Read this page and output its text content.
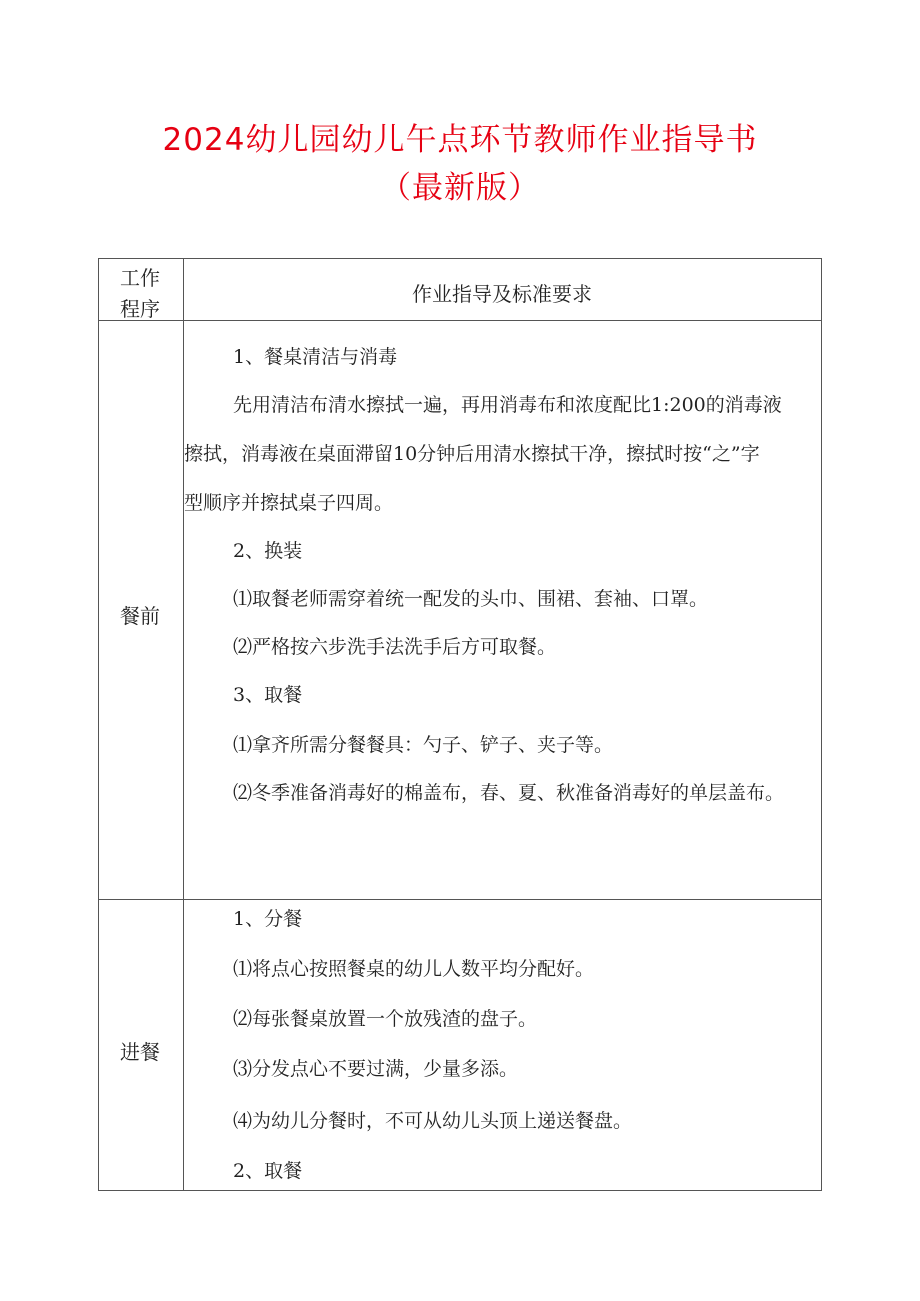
2024幼儿园幼儿午点环节教师作业指导书
（最新版）
工作
程序
作业指导及标准要求
餐前
1、餐桌清洁与消毒
先用清洁布清水擦拭一遍，再用消毒布和浓度配比1:200的消毒液
擦拭，消毒液在桌面滞留10分钟后用清水擦拭干净，擦拭时按“之”字
型顺序并擦拭桌子四周。
2、换装
⑴取餐老师需穿着统一配发的头巾、围裙、套袖、口罩。
⑵严格按六步洗手法洗手后方可取餐。
3、取餐
⑴拿齐所需分餐餐具：勺子、铲子、夹子等。
⑵冬季准备消毒好的棉盖布，春、夏、秋准备消毒好的单层盖布。
进餐
1、分餐
⑴将点心按照餐桌的幼儿人数平均分配好。
⑵每张餐桌放置一个放残渣的盘子。
⑶分发点心不要过满，少量多添。
⑷为幼儿分餐时，不可从幼儿头顶上递送餐盘。
2、取餐
